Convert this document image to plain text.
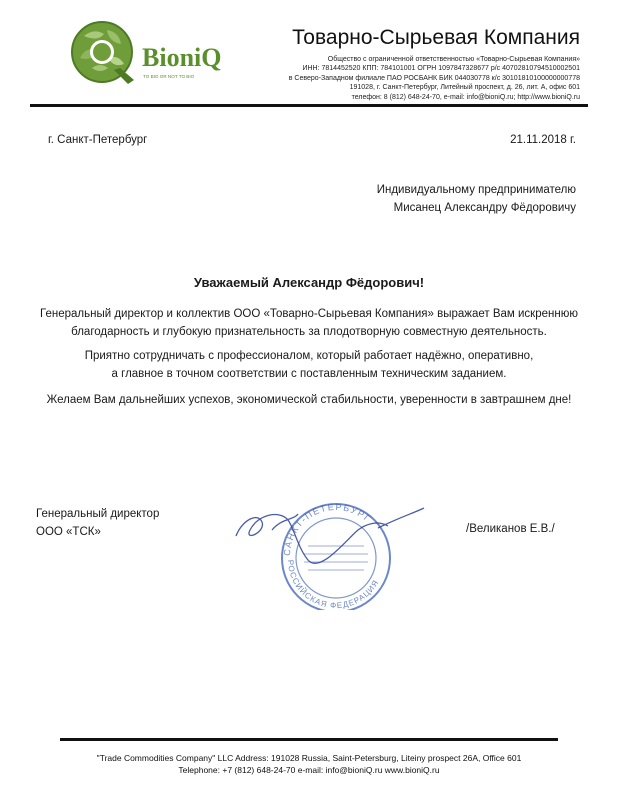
BioniQ
TO BIO OR NOT TO BIO
Товарно-Сырьевая Компания
Общество с ограниченной ответственностью «Товарно-Сырьевая Компания»
ИНН: 7814452520 КПП: 784101001 ОГРН 1097847328677 р/с 40702810794510002501
в Северо-Западном филиале ПАО РОСБАНК БИК 044030778 к/с 30101810100000000778
191028, г. Санкт-Петербург, Литейный проспект, д. 26, лит. А, офис 601
телефон: 8 (812) 648-24-70, e-mail: info@bioniQ.ru; http://www.bioniQ.ru
г. Санкт-Петербург	21.11.2018 г.
Индивидуальному предпринимателю
Мисанец Александру Фёдоровичу
Уважаемый Александр Фёдорович!
Генеральный директор и коллектив ООО «Товарно-Сырьевая Компания» выражает Вам искреннюю
благодарность и глубокую признательность за плодотворную совместную деятельность.
Приятно сотрудничать с профессионалом, который работает надёжно, оперативно,
а главное в точном соответствии с поставленным техническим заданием.
Желаем Вам дальнейших успехов, экономической стабильности, уверенности в завтрашнем дне!
Генеральный директор
ООО «ТСК»
САНКТ-ПЕТЕРБУРГ
РОССИЙСКАЯ ФЕДЕРАЦИЯ
/Великанов Е.В./
"Trade Commodities Company" LLC Address: 191028 Russia, Saint-Petersburg, Liteiny prospect 26A, Office 601
Telephone: +7 (812) 648-24-70 e-mail: info@bioniQ.ru www.bioniQ.ru
